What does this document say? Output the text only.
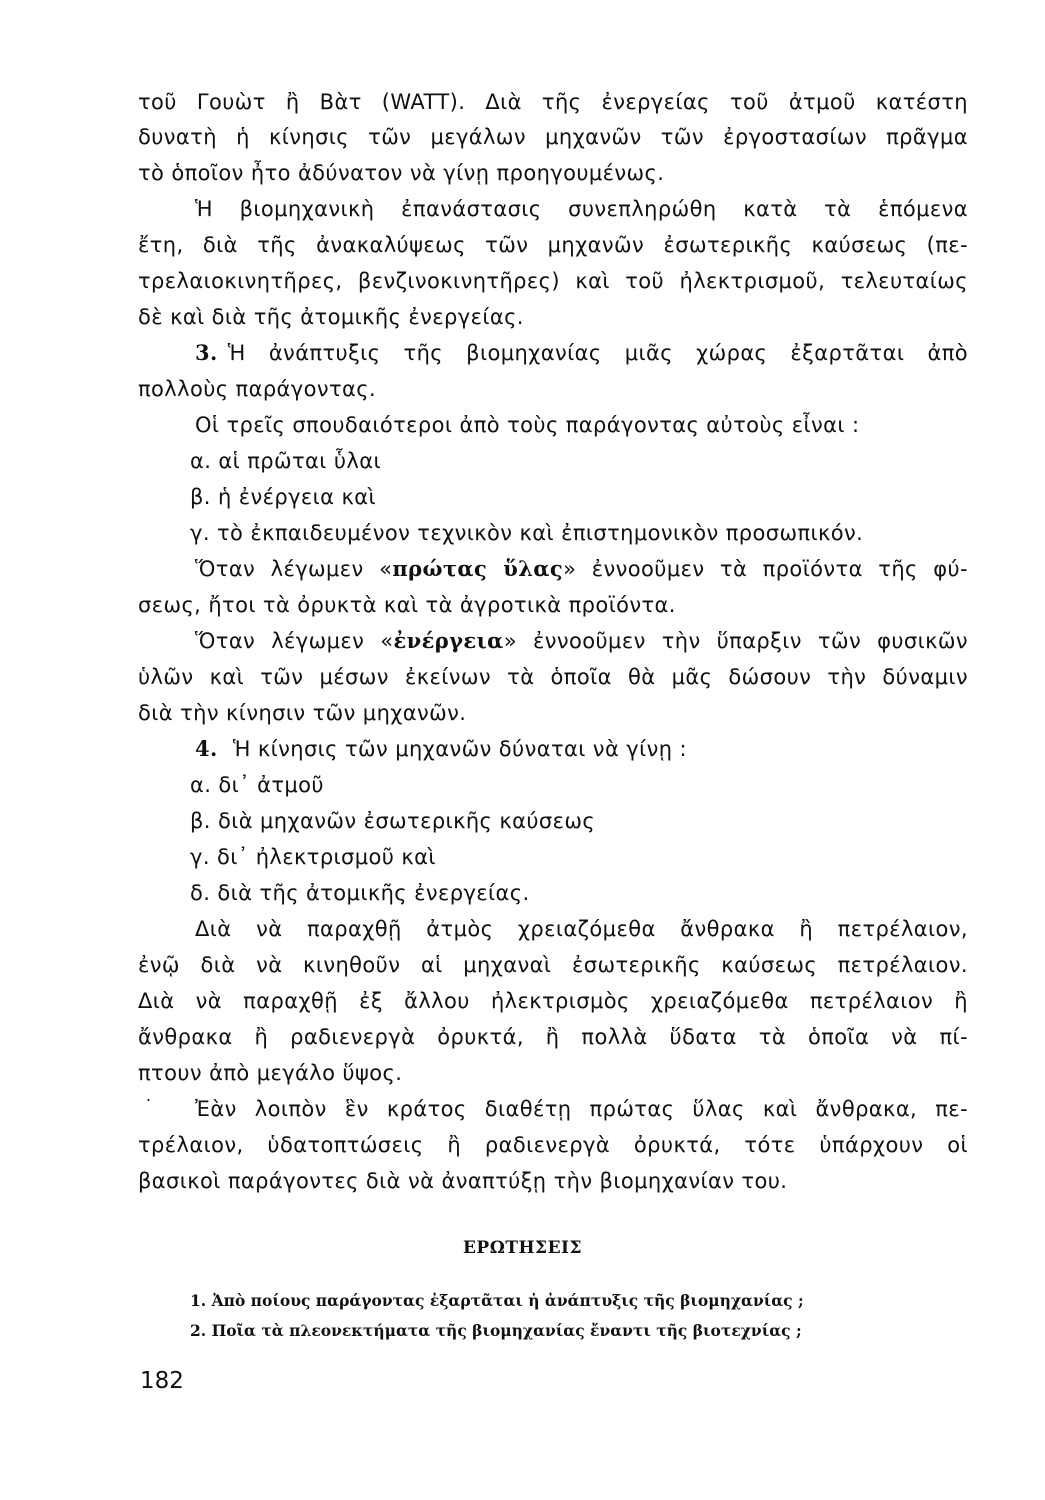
τοῦ Γουὼτ ἢ Βὰτ (WATT). Διὰ τῆς ἐνεργείας τοῦ ἀτμοῦ κατέστη
δυνατὴ ἡ κίνησις τῶν μεγάλων μηχανῶν τῶν ἐργοστασίων πρᾶγμα
τὸ ὁποῖον ἦτο ἀδύνατον νὰ γίνῃ προηγουμένως.
Ἡ βιομηχανικὴ ἐπανάστασις συνεπληρώθη κατὰ τὰ ἑπόμενα
ἔτη, διὰ τῆς ἀνακαλύψεως τῶν μηχανῶν ἐσωτερικῆς καύσεως (πε-
τρελαιοκινητῆρες, βενζινοκινητῆρες) καὶ τοῦ ἠλεκτρισμοῦ, τελευταίως
δὲ καὶ διὰ τῆς ἀτομικῆς ἐνεργείας.
3. Ἡ ἀνάπτυξις τῆς βιομηχανίας μιᾶς χώρας ἐξαρτᾶται ἀπὸ
πολλοὺς παράγοντας.
Οἱ τρεῖς σπουδαιότεροι ἀπὸ τοὺς παράγοντας αὐτοὺς εἶναι :
α. αἱ πρῶται ὗλαι
β. ἡ ἐνέργεια καὶ
γ. τὸ ἐκπαιδευμένον τεχνικὸν καὶ ἐπιστημονικὸν προσωπικόν.
Ὅταν λέγωμεν «πρώτας ὕλας» ἐννοοῦμεν τὰ προϊόντα τῆς φύ-
σεως, ἤτοι τὰ ὀρυκτὰ καὶ τὰ ἀγροτικὰ προϊόντα.
Ὅταν λέγωμεν «ἐνέργεια» ἐννοοῦμεν τὴν ὕπαρξιν τῶν φυσικῶν
ὑλῶν καὶ τῶν μέσων ἐκείνων τὰ ὁποῖα θὰ μᾶς δώσουν τὴν δύναμιν
διὰ τὴν κίνησιν τῶν μηχανῶν.
4. Ἡ κίνησις τῶν μηχανῶν δύναται νὰ γίνῃ :
α. δι᾿ ἀτμοῦ
β. διὰ μηχανῶν ἐσωτερικῆς καύσεως
γ. δι᾿ ἠλεκτρισμοῦ καὶ
δ. διὰ τῆς ἀτομικῆς ἐνεργείας.
Διὰ νὰ παραχθῇ ἀτμὸς χρειαζόμεθα ἄνθρακα ἢ πετρέλαιον,
ἐνῷ διὰ νὰ κινηθοῦν αἱ μηχαναὶ ἐσωτερικῆς καύσεως πετρέλαιον.
Διὰ νὰ παραχθῇ ἐξ ἄλλου ἠλεκτρισμὸς χρειαζόμεθα πετρέλαιον ἢ
ἄνθρακα ἢ ραδιενεργὰ ὀρυκτά, ἢ πολλὰ ὕδατα τὰ ὁποῖα νὰ πί-
πτουν ἀπὸ μεγάλο ὕψος.
.
Ἐὰν λοιπὸν ἓν κράτος διαθέτῃ πρώτας ὕλας καὶ ἄνθρακα, πε-
τρέλαιον, ὑδατοπτώσεις ἢ ραδιενεργὰ ὀρυκτά, τότε ὑπάρχουν οἱ
βασικοὶ παράγοντες διὰ νὰ ἀναπτύξῃ τὴν βιομηχανίαν του.
ΕΡΩΤΗΣΕΙΣ
1. Ἀπὸ ποίους παράγοντας ἐξαρτᾶται ἡ ἀνάπτυξις τῆς βιομηχανίας ;
2. Ποῖα τὰ πλεονεκτήματα τῆς βιομηχανίας ἔναντι τῆς βιοτεχνίας ;
182
